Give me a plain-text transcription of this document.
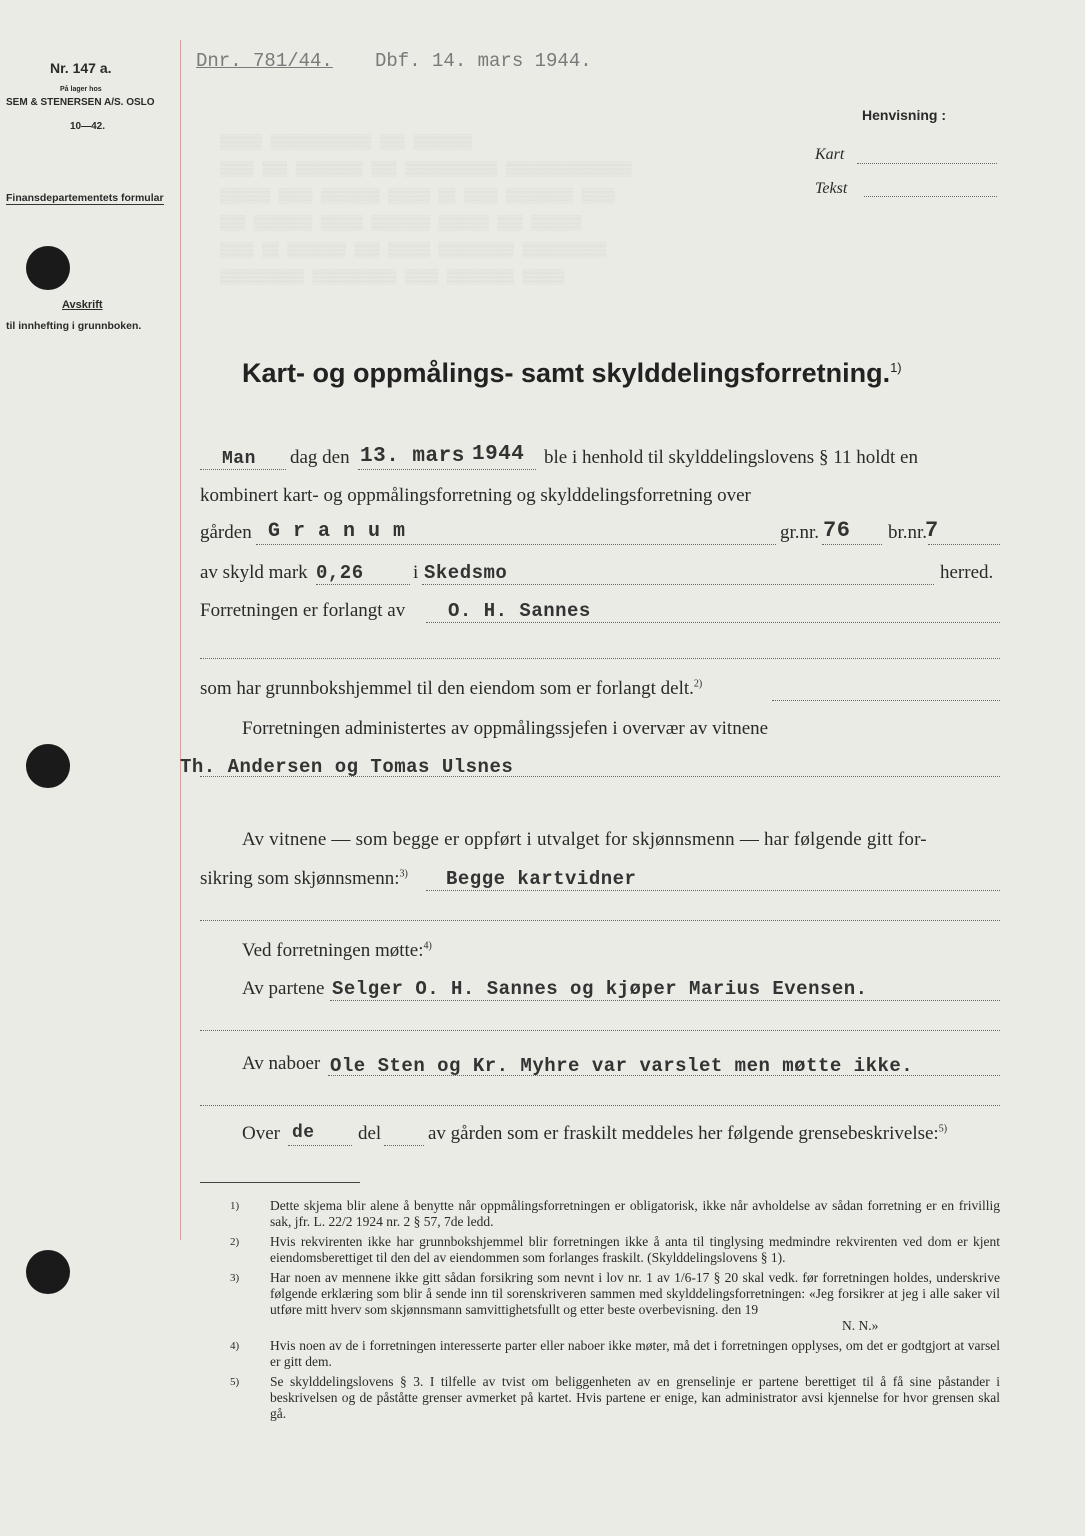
Nr. 147 a.
På lager hos
SEM & STENERSEN A/S. OSLO
10—42.
Finansdepartementets formular
Avskrift
til innhefting i grunnboken.
Dnr. 781/44. Dbf. 14. mars 1944.
Henvisning :
Kart
Tekst
▒▒▒▒▒ ▒▒▒▒▒▒▒▒▒▒▒▒ ▒▒▒ ▒▒▒▒▒▒▒
▒▒▒▒ ▒▒▒ ▒▒▒▒▒▒▒▒ ▒▒▒ ▒▒▒▒▒▒▒▒▒▒▒ ▒▒▒▒▒▒▒▒▒▒▒▒▒▒▒
▒▒▒▒▒▒ ▒▒▒▒ ▒▒▒▒▒▒▒ ▒▒▒▒▒ ▒▒ ▒▒▒▒ ▒▒▒▒▒▒▒▒ ▒▒▒▒
▒▒▒ ▒▒▒▒▒▒▒ ▒▒▒▒▒ ▒▒▒▒▒▒▒ ▒▒▒▒▒▒ ▒▒▒ ▒▒▒▒▒▒
▒▒▒▒ ▒▒ ▒▒▒▒▒▒▒ ▒▒▒ ▒▒▒▒▒ ▒▒▒▒▒▒▒▒▒ ▒▒▒▒▒▒▒▒▒▒
▒▒▒▒▒▒▒▒▒▒ ▒▒▒▒▒▒▒▒▒▒ ▒▒▒▒ ▒▒▒▒▒▒▒▒ ▒▒▒▒▒
Kart- og oppmålings- samt skylddelingsforretning.$^{1)}$
Man dag den 13. mars 1944 ble i henhold til skylddelingslovens § 11 holdt en
kombinert kart- og oppmålingsforretning og skylddelingsforretning over
gården G r a n u m	gr.nr. 76 br.nr.
7
av skyld mark 0,26	i Skedsmo	herred.
Forretningen er forlangt av O. H. Sannes
som har grunnbokshjemmel til den eiendom som er forlangt delt.$^{2)}$
Forretningen administertes av oppmålingssjefen i overvær av vitnene
Th. Andersen og Tomas Ulsnes
Av vitnene — som begge er oppført i utvalget for skjønnsmenn — har følgende gitt for-
sikring som skjønnsmenn:$^{3)}$ Begge kartvidner
Ved forretningen møtte:$^{4)}$
Av partene Selger O. H. Sannes og kjøper Marius Evensen.
Av naboer Ole Sten og Kr. Myhre var varslet men møtte ikke.
Over de del av gården som er fraskilt meddeles her følgende grensebeskrivelse:$^{5)}$
1)	Dette skjema blir alene å benytte når oppmålingsforretningen er obligatorisk, ikke når avholdelse av sådan forretning er en frivillig sak, jfr. L. 22/2 1924 nr. 2 § 57, 7de ledd.
2)	Hvis rekvirenten ikke har grunnbokshjemmel blir forretningen ikke å anta til tinglysing medmindre rekvirenten ved dom er kjent eiendomsberettiget til den del av eiendommen som forlanges fraskilt. (Skylddelingslovens § 1).
3)	Har noen av mennene ikke gitt sådan forsikring som nevnt i lov nr. 1 av 1/6-17 § 20 skal vedk. før forretningen holdes, underskrive følgende erklæring som blir å sende inn til sorenskriveren sammen med skylddelingsforretningen: «Jeg forsikrer at jeg i alle saker vil utføre mitt hverv som skjønnsmann samvittighetsfullt og etter beste overbevisning. den 19
N. N.»
4)	Hvis noen av de i forretningen interesserte parter eller naboer ikke møter, må det i forretningen opplyses, om det er godtgjort at varsel er gitt dem.
5)	Se skylddelingslovens § 3. I tilfelle av tvist om beliggenheten av en grenselinje er partene berettiget til å få sine påstander i beskrivelsen og de påståtte grenser avmerket på kartet. Hvis partene er enige, kan administrator avsi kjennelse for hvor grensen skal gå.
